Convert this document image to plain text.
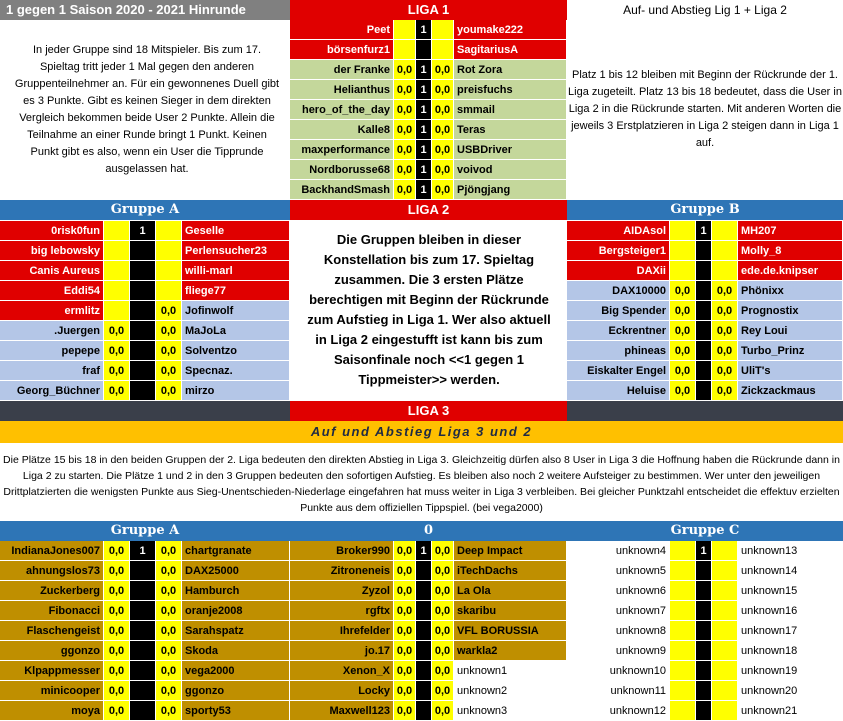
1 gegen 1 Saison 2020 - 2021 Hinrunde	LIGA 1	Auf- und Abstieg Lig 1 + Liga 2
In jeder Gruppe sind 18 Mitspieler. Bis zum 17. Spieltag tritt jeder 1 Mal gegen den anderen Gruppenteilnehmer an. Für ein gewonnenes Duell gibt es 3 Punkte. Gibt es keinen Sieger in dem direkten Vergleich bekommen beide User 2 Punkte. Allein die Teilnahme an einer Runde bringt 1 Punkt. Keinen Punkt gibt es also, wenn ein User die Tipprunde ausgelassen hat.
Platz 1 bis 12 bleiben mit Beginn der Rückrunde der 1. Liga zugeteilt. Platz 13 bis 18 bedeutet, dass die User in Liga 2 in die Rückrunde starten. Mit anderen Worten die jeweils 3 Erstplatzieren in Liga 2 steigen dann in Liga 1 auf.
Peet	1	youmake222
börsenfurz1	SagitariusA
der Franke 0,0 1 0,0 Rot Zora
Helianthus 0,0 1 0,0 preisfuchs
hero_of_the_day 0,0 1 0,0 smmail
Kalle8 0,0 1 0,0 Teras
maxperformance 0,0 1 0,0 USBDriver
Nordborusse68 0,0 1 0,0 voivod
BackhandSmash 0,0 1 0,0 Pjöngjang
Gruppe A	LIGA 2	Gruppe B
0risk0fun	1	Geselle
big lebowsky	Perlensucher23
Canis Aureus	willi-marl
Eddi54	fliege77
ermlitz	0,0 Jofinwolf
.Juergen 0,0	0,0 MaJoLa
pepepe 0,0	0,0 Solventzo
fraf 0,0	0,0 Specnaz.
Georg_Büchner 0,0	0,0 mirzo
AIDAsol	1	MH207
Bergsteiger1	Molly_8
DAXii	ede.de.knipser
DAX10000 0,0	0,0 Phönixx
Big Spender 0,0	0,0 Prognostix
Eckrentner 0,0	0,0 Rey Loui
phineas 0,0	0,0 Turbo_Prinz
Eiskalter Engel 0,0	0,0 UliT's
Heluise 0,0	0,0 Zickzackmaus
Die Gruppen bleiben in dieser Konstellation bis zum 17. Spieltag zusammen. Die 3 ersten Plätze berechtigen mit Beginn der Rückrunde zum Aufstieg in Liga 1. Wer also aktuell in Liga 2 eingestufft ist kann bis zum Saisonfinale noch <<1 gegen 1 Tippmeister>> werden.
LIGA 3
Auf und Abstieg Liga 3 und 2
Die Plätze 15 bis 18 in den beiden Gruppen der 2. Liga bedeuten den direkten Abstieg in Liga 3. Gleichzeitig dürfen also 8 User in Liga 3 die Hoffnung haben die Rückrunde dann in Liga 2 zu starten. Die Plätze 1 und 2 in den 3 Gruppen bedeuten den sofortigen Aufstieg. Es bleiben also noch 2 weitere Aufsteiger zu bestimmen. Wer unter den jeweiligen Drittplatzierten die wenigsten Punkte aus Sieg-Unentschieden-Niederlage eingefahren hat muss weiter in Liga 3 verbleiben. Bei gleicher Punktzahl entscheidet die effektuv erzielten Punkte aus dem offiziellen Tippspiel. (bei vega2000)
Gruppe A	0	Gruppe C
IndianaJones007 0,0	1	0,0 chartgranate
ahnungslos73 0,0	0,0 DAX25000
Zuckerberg 0,0	0,0 Hamburch
Fibonacci 0,0	0,0 oranje2008
Flaschengeist 0,0	0,0 Sarahspatz
ggonzo 0,0	0,0 Skoda
Klpappmesser 0,0	0,0 vega2000
minicooper 0,0	0,0 ggonzo
moya 0,0	0,0 sporty53
Broker990 0,0 1 0,0 Deep Impact
Zitroneneis 0,0	0,0 iTechDachs
Zyzol 0,0	0,0 La Ola
rgftx 0,0	0,0 skaribu
Ihrefelder 0,0	0,0 VFL BORUSSIA
jo.17 0,0	0,0 warkla2
Xenon_X 0,0	0,0 unknown1
Locky 0,0	0,0 unknown2
Maxwell123 0,0	0,0 unknown3
unknown4	1	unknown13
unknown5	unknown14
unknown6	unknown15
unknown7	unknown16
unknown8	unknown17
unknown9	unknown18
unknown10	unknown19
unknown11	unknown20
unknown12	unknown21
